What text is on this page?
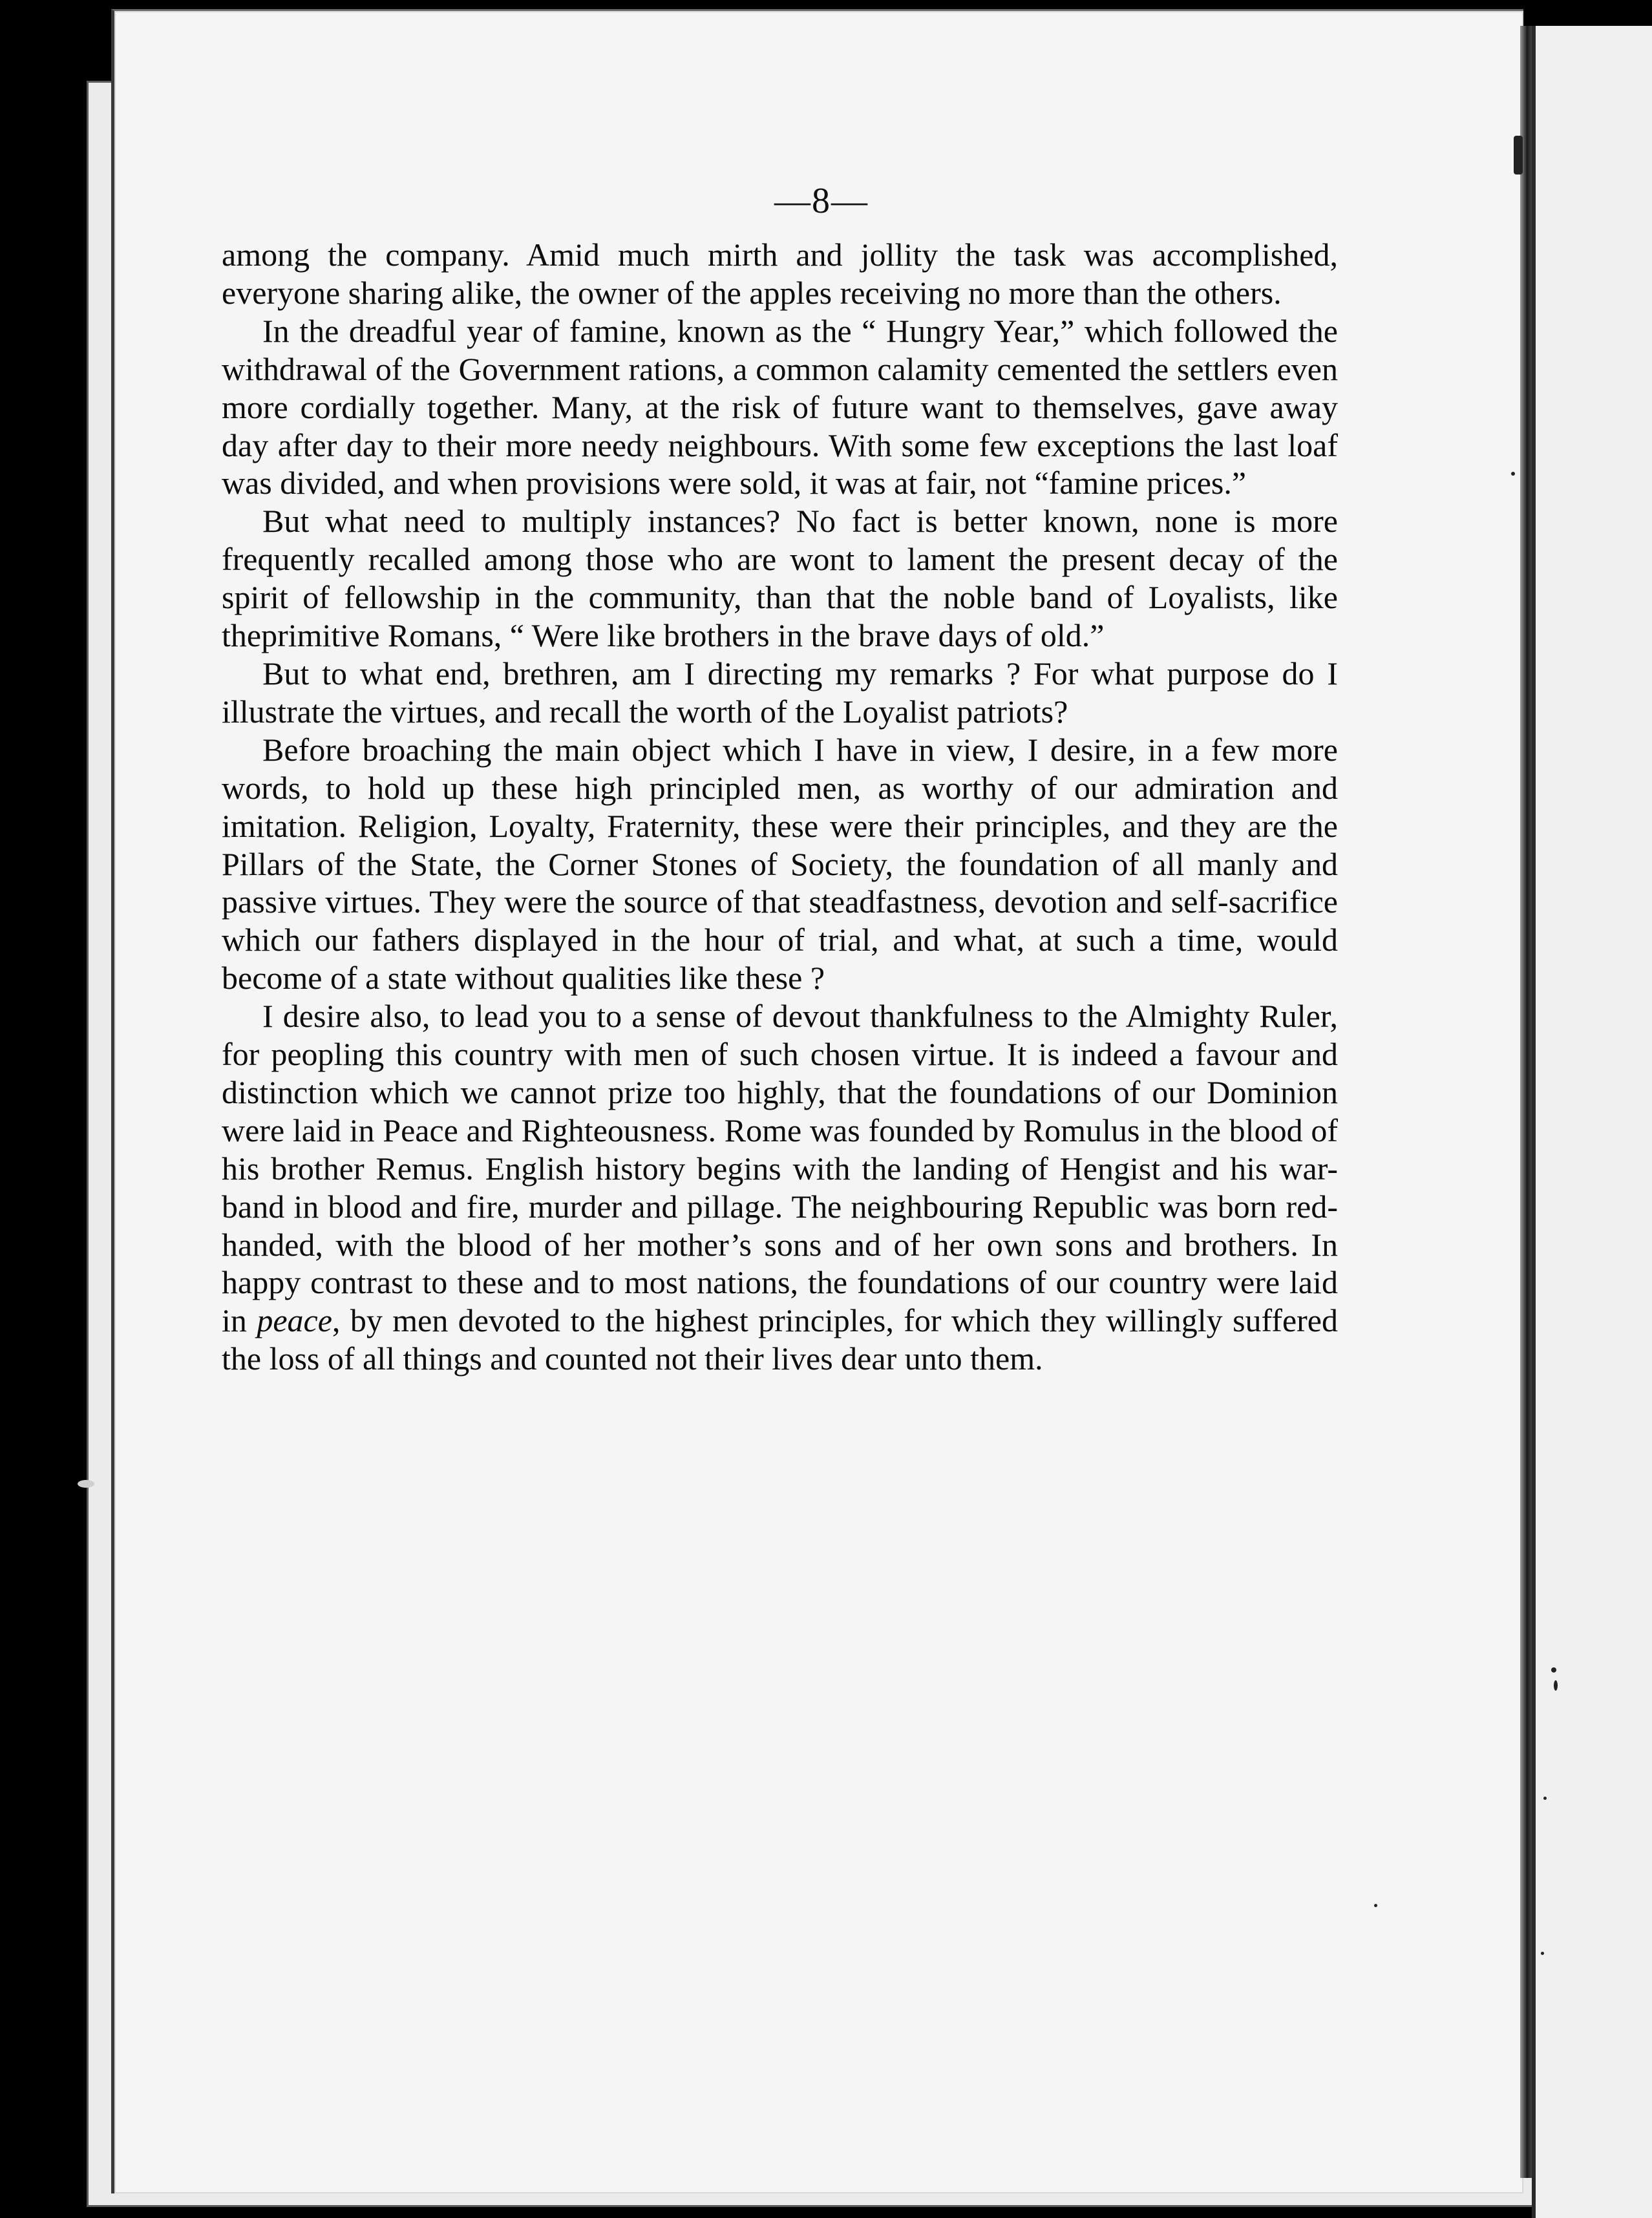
—8—

among the company. Amid much mirth and jollity the task was accomplished, everyone sharing alike, the owner of the apples receiving no more than the others.

In the dreadful year of famine, known as the “ Hungry Year,” which followed the withdrawal of the Government rations, a common calamity cemented the settlers even more cordially together. Many, at the risk of future want to themselves, gave away day after day to their more needy neighbours. With some few exceptions the last loaf was divided, and when provisions were sold, it was at fair, not “famine prices.”

But what need to multiply instances? No fact is better known, none is more frequently recalled among those who are wont to lament the present decay of the spirit of fellowship in the community, than that the noble band of Loyalists, like theprimitive Romans, “ Were like brothers in the brave days of old.”

But to what end, brethren, am I directing my remarks ? For what purpose do I illustrate the virtues, and recall the worth of the Loyalist patriots?

Before broaching the main object which I have in view, I desire, in a few more words, to hold up these high principled men, as worthy of our admiration and imitation. Religion, Loyalty, Fraternity, these were their principles, and they are the Pillars of the State, the Corner Stones of Society, the foundation of all manly and passive virtues. They were the source of that steadfastness, devotion and self-sacrifice which our fathers displayed in the hour of trial, and what, at such a time, would become of a state without qualities like these ?

I desire also, to lead you to a sense of devout thankfulness to the Almighty Ruler, for peopling this country with men of such chosen virtue. It is indeed a favour and distinction which we cannot prize too highly, that the foundations of our Dominion were laid in Peace and Righteousness. Rome was founded by Romulus in the blood of his brother Remus. English history begins with the landing of Hengist and his war-band in blood and fire, murder and pillage. The neighbouring Republic was born red-handed, with the blood of her mother’s sons and of her own sons and brothers. In happy contrast to these and to most nations, the foundations of our country were laid in peace, by men devoted to the highest principles, for which they willingly suffered the loss of all things and counted not their lives dear unto them.
